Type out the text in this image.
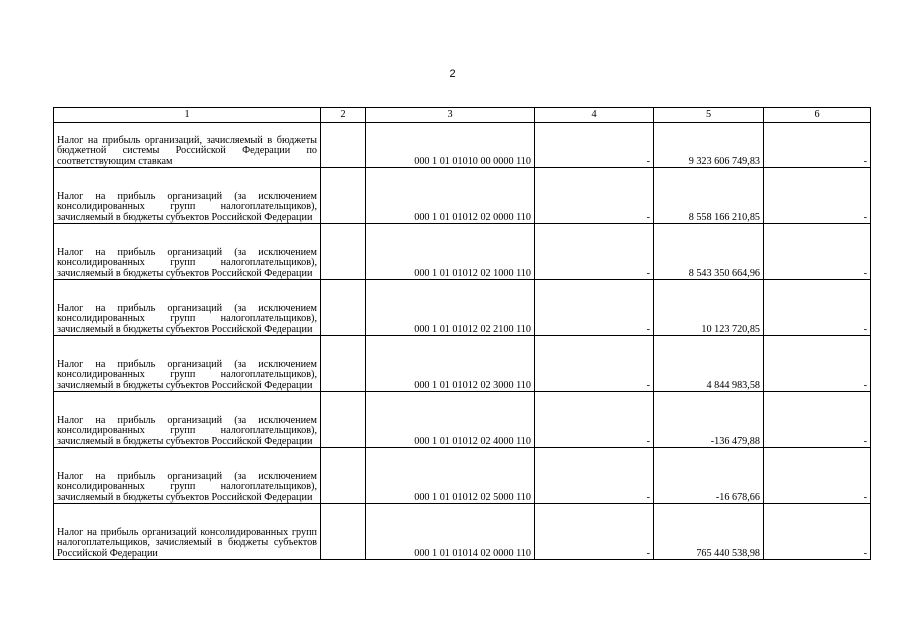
2
1	2	3	4	5	6
Налог на прибыль организаций, зачисляемый в бюджеты бюджетной системы Российской Федерации по соответствующим ставкам		000 1 01 01010 00 0000 110	-	9 323 606 749,83	-
Налог на прибыль организаций (за исключением консолидированных групп налогоплательщиков), зачисляемый в бюджеты субъектов Российской Федерации		000 1 01 01012 02 0000 110	-	8 558 166 210,85	-
Налог на прибыль организаций (за исключением консолидированных групп налогоплательщиков), зачисляемый в бюджеты субъектов Российской Федерации		000 1 01 01012 02 1000 110	-	8 543 350 664,96	-
Налог на прибыль организаций (за исключением консолидированных групп налогоплательщиков), зачисляемый в бюджеты субъектов Российской Федерации		000 1 01 01012 02 2100 110	-	10 123 720,85	-
Налог на прибыль организаций (за исключением консолидированных групп налогоплательщиков), зачисляемый в бюджеты субъектов Российской Федерации		000 1 01 01012 02 3000 110	-	4 844 983,58	-
Налог на прибыль организаций (за исключением консолидированных групп налогоплательщиков), зачисляемый в бюджеты субъектов Российской Федерации		000 1 01 01012 02 4000 110	-	-136 479,88	-
Налог на прибыль организаций (за исключением консолидированных групп налогоплательщиков), зачисляемый в бюджеты субъектов Российской Федерации		000 1 01 01012 02 5000 110	-	-16 678,66	-
Налог на прибыль организаций консолидированных групп налогоплательщиков, зачисляемый в бюджеты субъектов Российской Федерации		000 1 01 01014 02 0000 110	-	765 440 538,98	-
